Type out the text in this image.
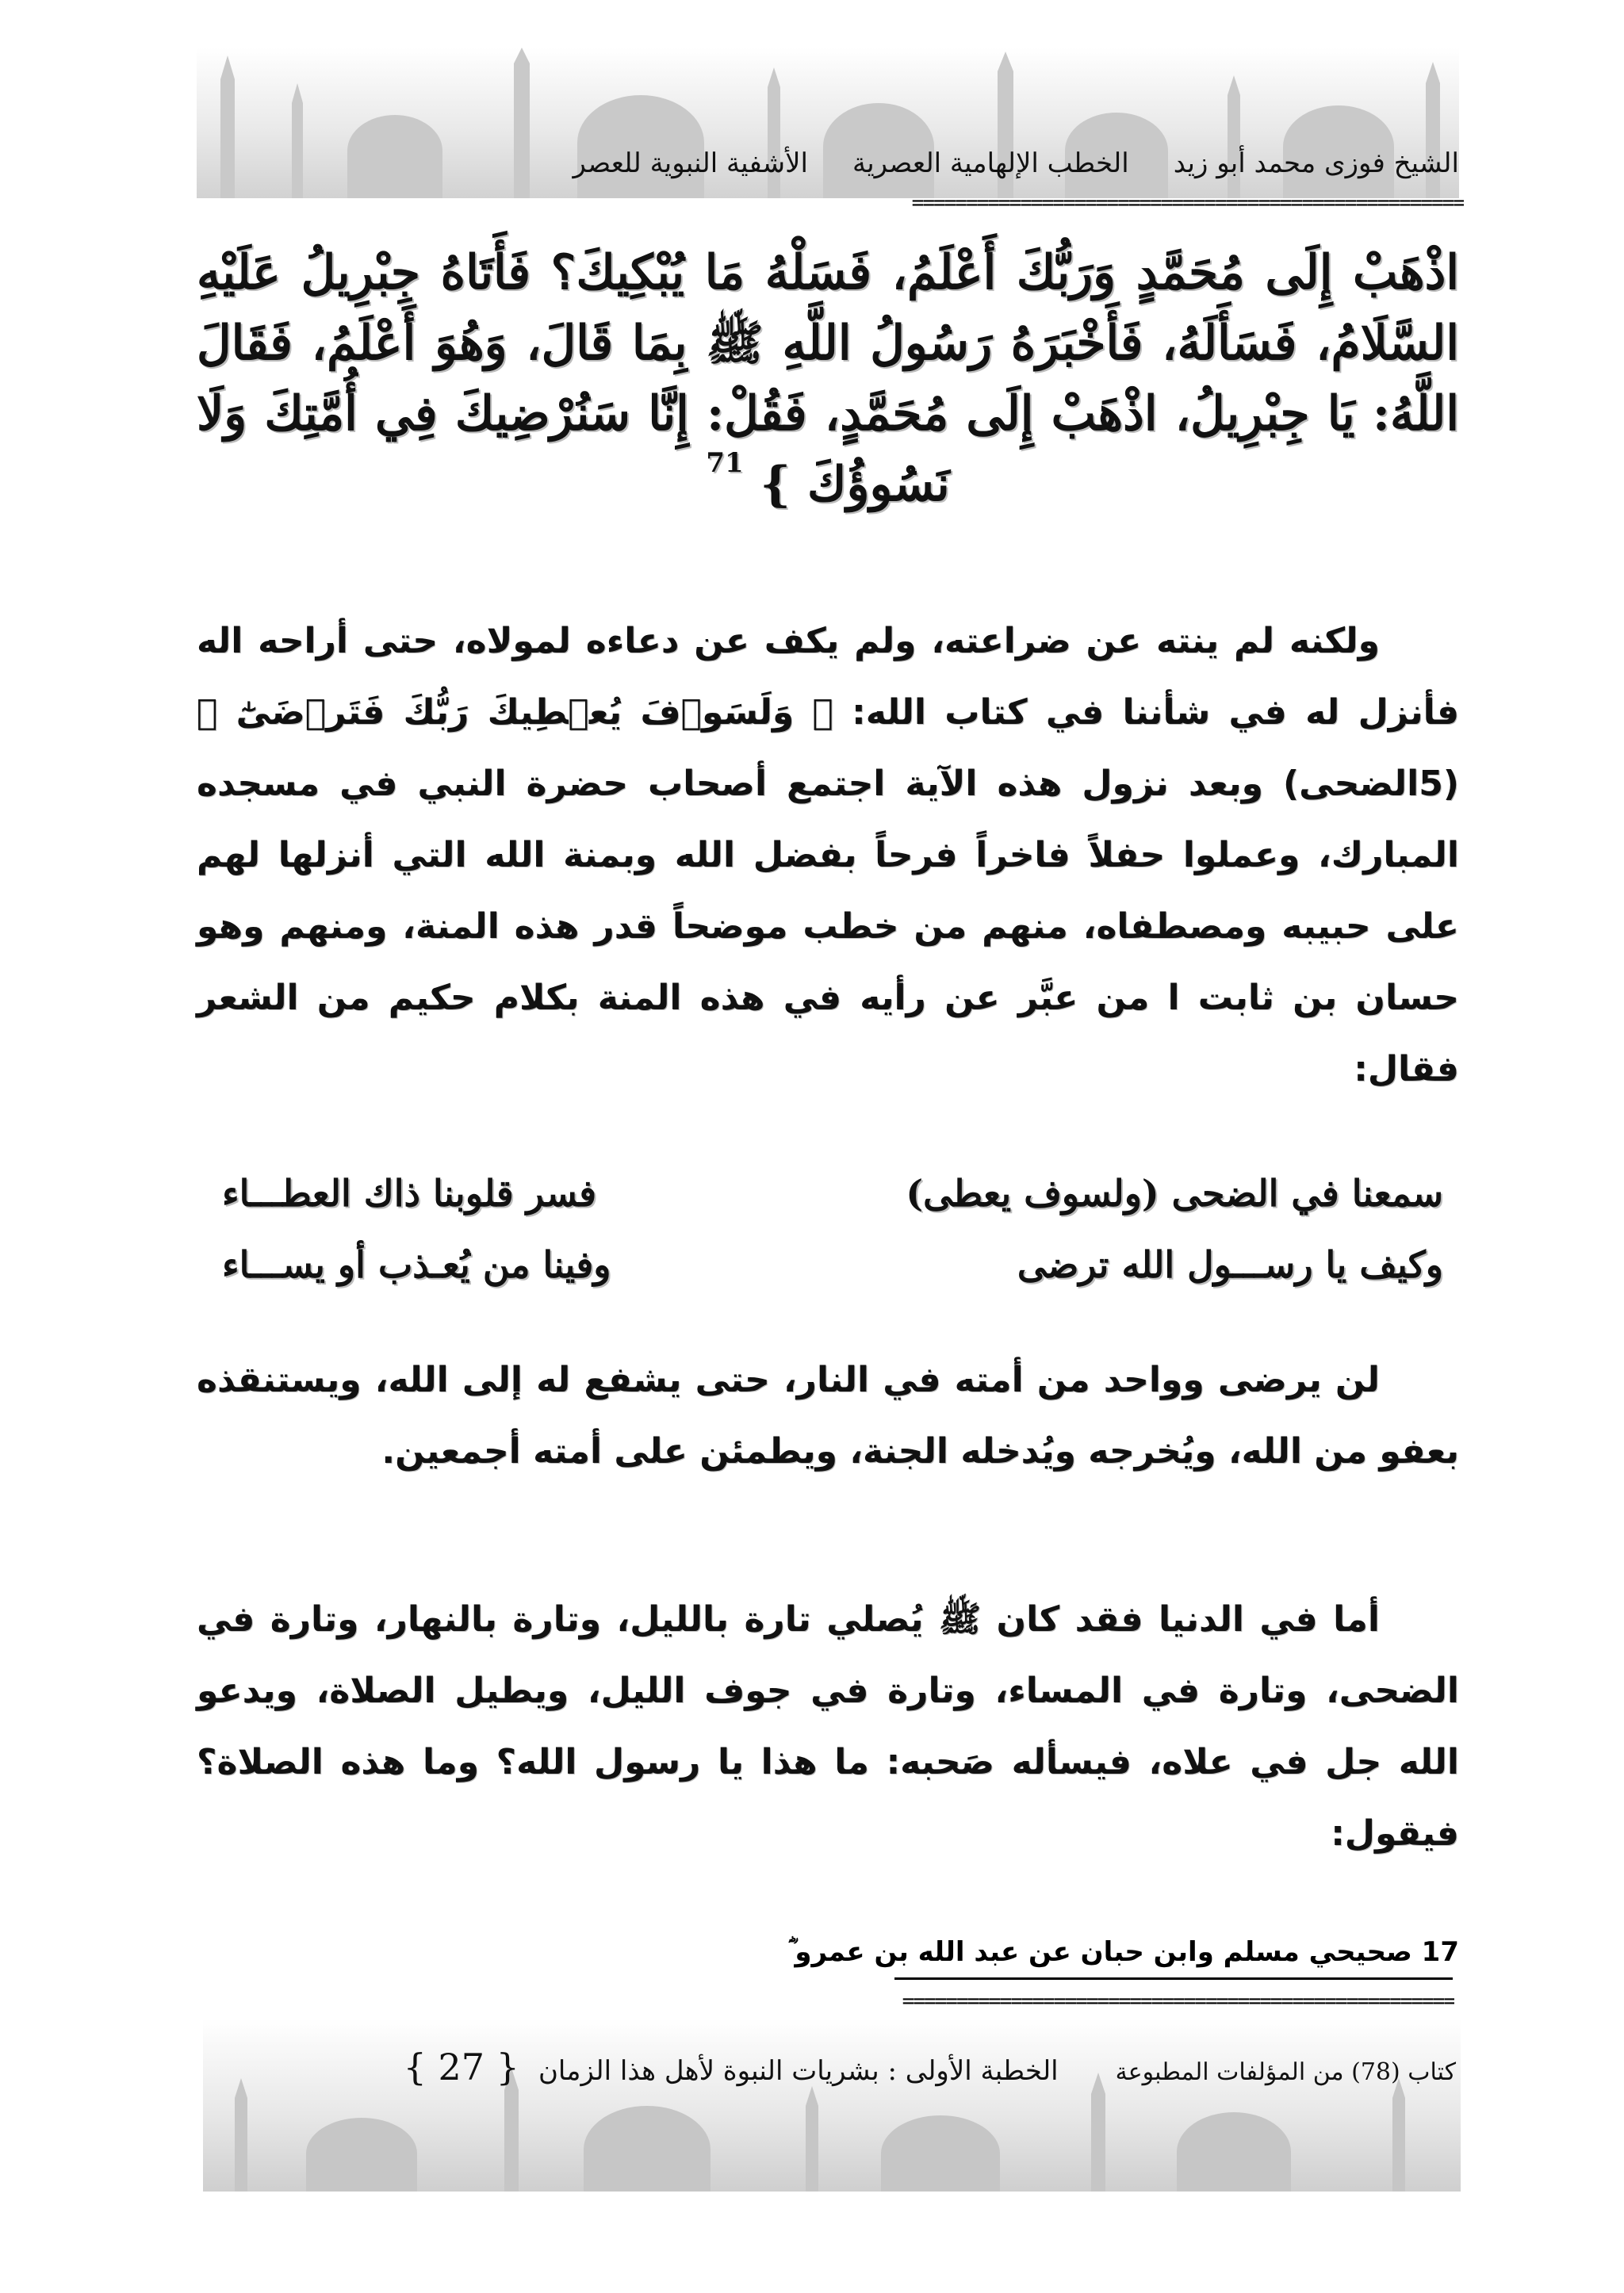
الشيخ فوزى محمد أبو زيد
الخطب الإلهامية العصرية
الأشفية النبوية للعصر
===================================================
اذْهَبْ إِلَى مُحَمَّدٍ وَرَبُّكَ أَعْلَمُ، فَسَلْهُ مَا يُبْكِيكَ؟ فَأَتَاهُ جِبْرِيلُ عَلَيْهِ السَّلَامُ، فَسَأَلَهُ، فَأَخْبَرَهُ رَسُولُ اللَّهِ ﷺ بِمَا قَالَ، وَهُوَ أَعْلَمُ، فَقَالَ اللَّهُ: يَا جِبْرِيلُ، اذْهَبْ إِلَى مُحَمَّدٍ، فَقُلْ: إِنَّا سَنُرْضِيكَ فِي أُمَّتِكَ وَلَا نَسُوؤُكَ } $^{71}$
ولكنه لم ينته عن ضراعته، ولم يكف عن دعاءه لمولاه، حتى أراحه اله فأنزل له في شأننا في كتاب الله: ﴿ وَلَسَوۡفَ يُعۡطِيكَ رَبُّكَ فَتَرۡضَىٰٓ ﴾ (5الضحى) وبعد نزول هذه الآية اجتمع أصحاب حضرة النبي في مسجده المبارك، وعملوا حفلاً فاخراً فرحاً بفضل الله وبمنة الله التي أنزلها لهم على حبيبه ومصطفاه، منهم من خطب موضحاً قدر هذه المنة، ومنهم وهو حسان بن ثابت ا من عبَّر عن رأيه في هذه المنة بكلام حكيم من الشعر فقال:
سمعنا في الضحى (ولسوف يعطى)
فسر قلوبنا ذاك العطـــاء
وكيف يا رســـول الله ترضى
وفينا من يُعـذب أو يســـاء
لن يرضى وواحد من أمته في النار، حتى يشفع له إلى الله، ويستنقذه بعفو من الله، ويُخرجه ويُدخله الجنة، ويطمئن على أمته أجمعين.
أما في الدنيا فقد كان ﷺ يُصلي تارة بالليل، وتارة بالنهار، وتارة في الضحى، وتارة في المساء، وتارة في جوف الليل، ويطيل الصلاة، ويدعو الله جل في علاه، فيسأله صَحبه: ما هذا يا رسول الله؟ وما هذه الصلاة؟ فيقول:
17 صحيحي مسلم وابن حبان عن عبد الله بن عمرو ؓ
===================================================
كتاب (78) من المؤلفات المطبوعة
الخطبة الأولى : بشريات النبوة لأهل هذا الزمان
{ 27 }
